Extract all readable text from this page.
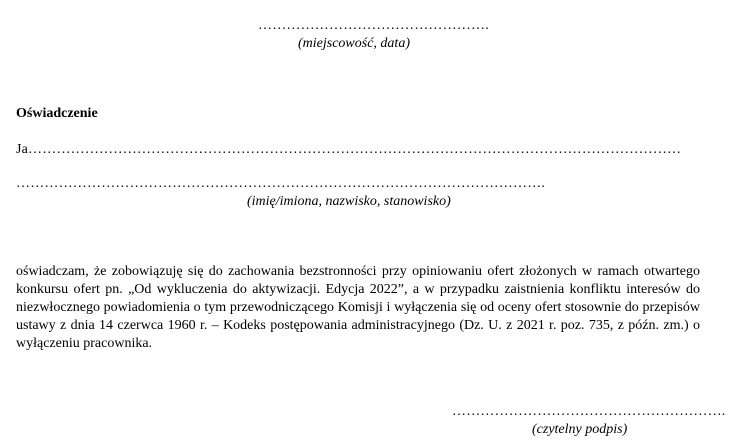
………………………………………….
(miejscowość, data)
Oświadczenie
Ja…………………………………………………………………………………………………………………………
………………………………………………………………………………………………….
(imię/imiona, nazwisko, stanowisko)
oświadczam, że zobowiązuję się do zachowania bezstronności przy opiniowaniu ofert złożonych w ramach otwartego konkursu ofert pn. „Od wykluczenia do aktywizacji. Edycja 2022”, a w przypadku zaistnienia konfliktu interesów do niezwłocznego powiadomienia o tym przewodniczącego Komisji i wyłączenia się od oceny ofert stosownie do przepisów ustawy z dnia 14 czerwca 1960 r. – Kodeks postępowania administracyjnego (Dz. U. z 2021 r. poz. 735, z późn. zm.) o wyłączeniu pracownika.
………………………………………………….
(czytelny podpis)
